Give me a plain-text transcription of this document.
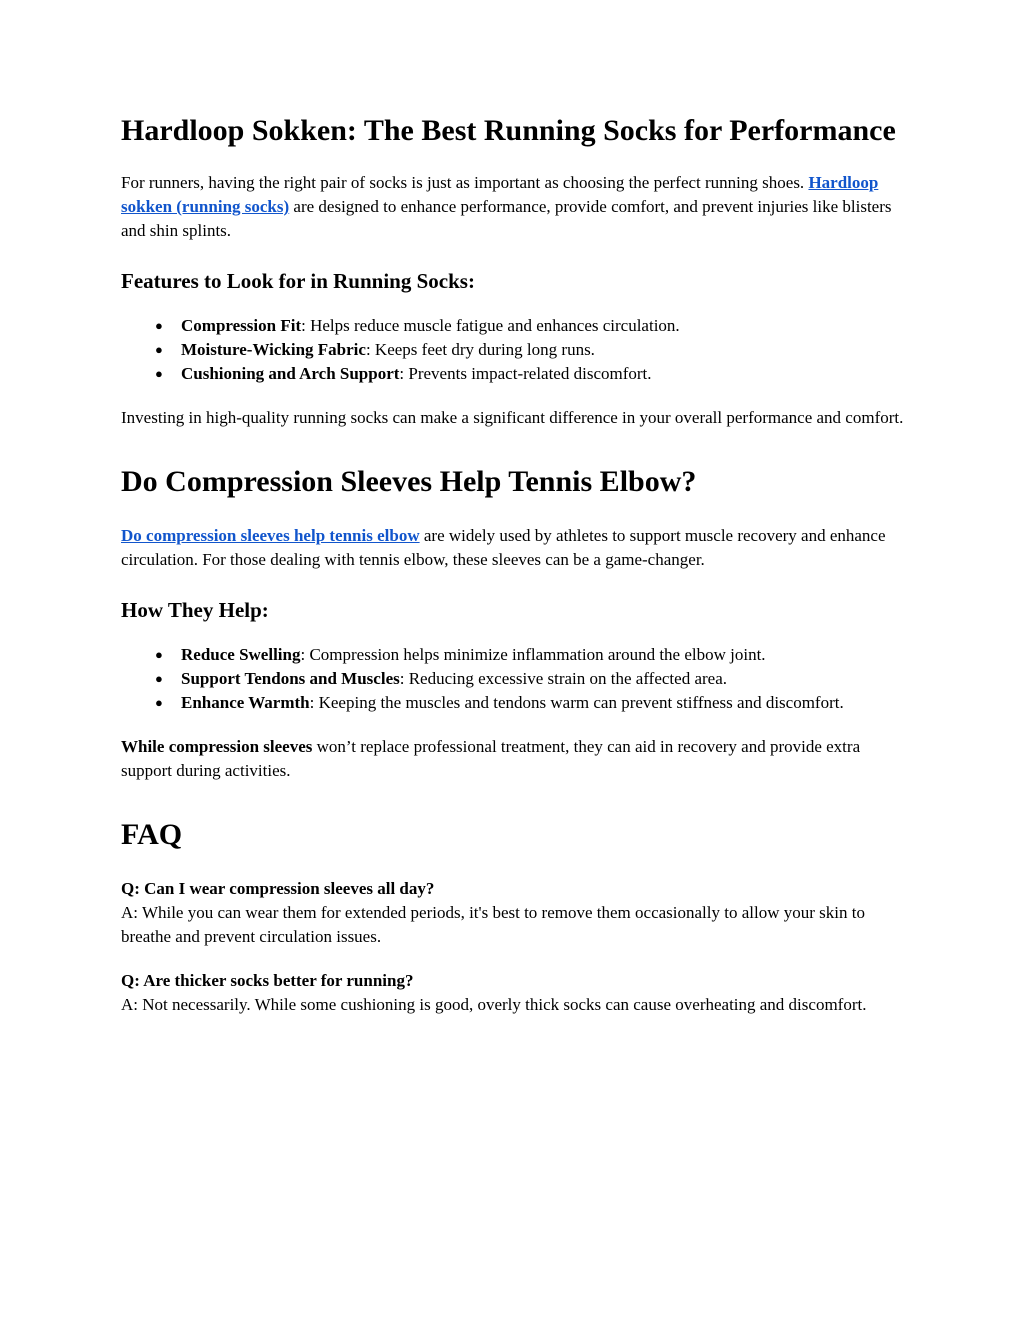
Hardloop Sokken: The Best Running Socks for Performance

For runners, having the right pair of socks is just as important as choosing the perfect running shoes. Hardloop sokken (running socks) are designed to enhance performance, provide comfort, and prevent injuries like blisters and shin splints.

Features to Look for in Running Socks:
● Compression Fit: Helps reduce muscle fatigue and enhances circulation.
● Moisture-Wicking Fabric: Keeps feet dry during long runs.
● Cushioning and Arch Support: Prevents impact-related discomfort.

Investing in high-quality running socks can make a significant difference in your overall performance and comfort.

Do Compression Sleeves Help Tennis Elbow?

Do compression sleeves help tennis elbow are widely used by athletes to support muscle recovery and enhance circulation. For those dealing with tennis elbow, these sleeves can be a game-changer.

How They Help:
● Reduce Swelling: Compression helps minimize inflammation around the elbow joint.
● Support Tendons and Muscles: Reducing excessive strain on the affected area.
● Enhance Warmth: Keeping the muscles and tendons warm can prevent stiffness and discomfort.

While compression sleeves won’t replace professional treatment, they can aid in recovery and provide extra support during activities.

FAQ

Q: Can I wear compression sleeves all day?

A: While you can wear them for extended periods, it's best to remove them occasionally to allow your skin to breathe and prevent circulation issues.

Q: Are thicker socks better for running?

A: Not necessarily. While some cushioning is good, overly thick socks can cause overheating and discomfort.
